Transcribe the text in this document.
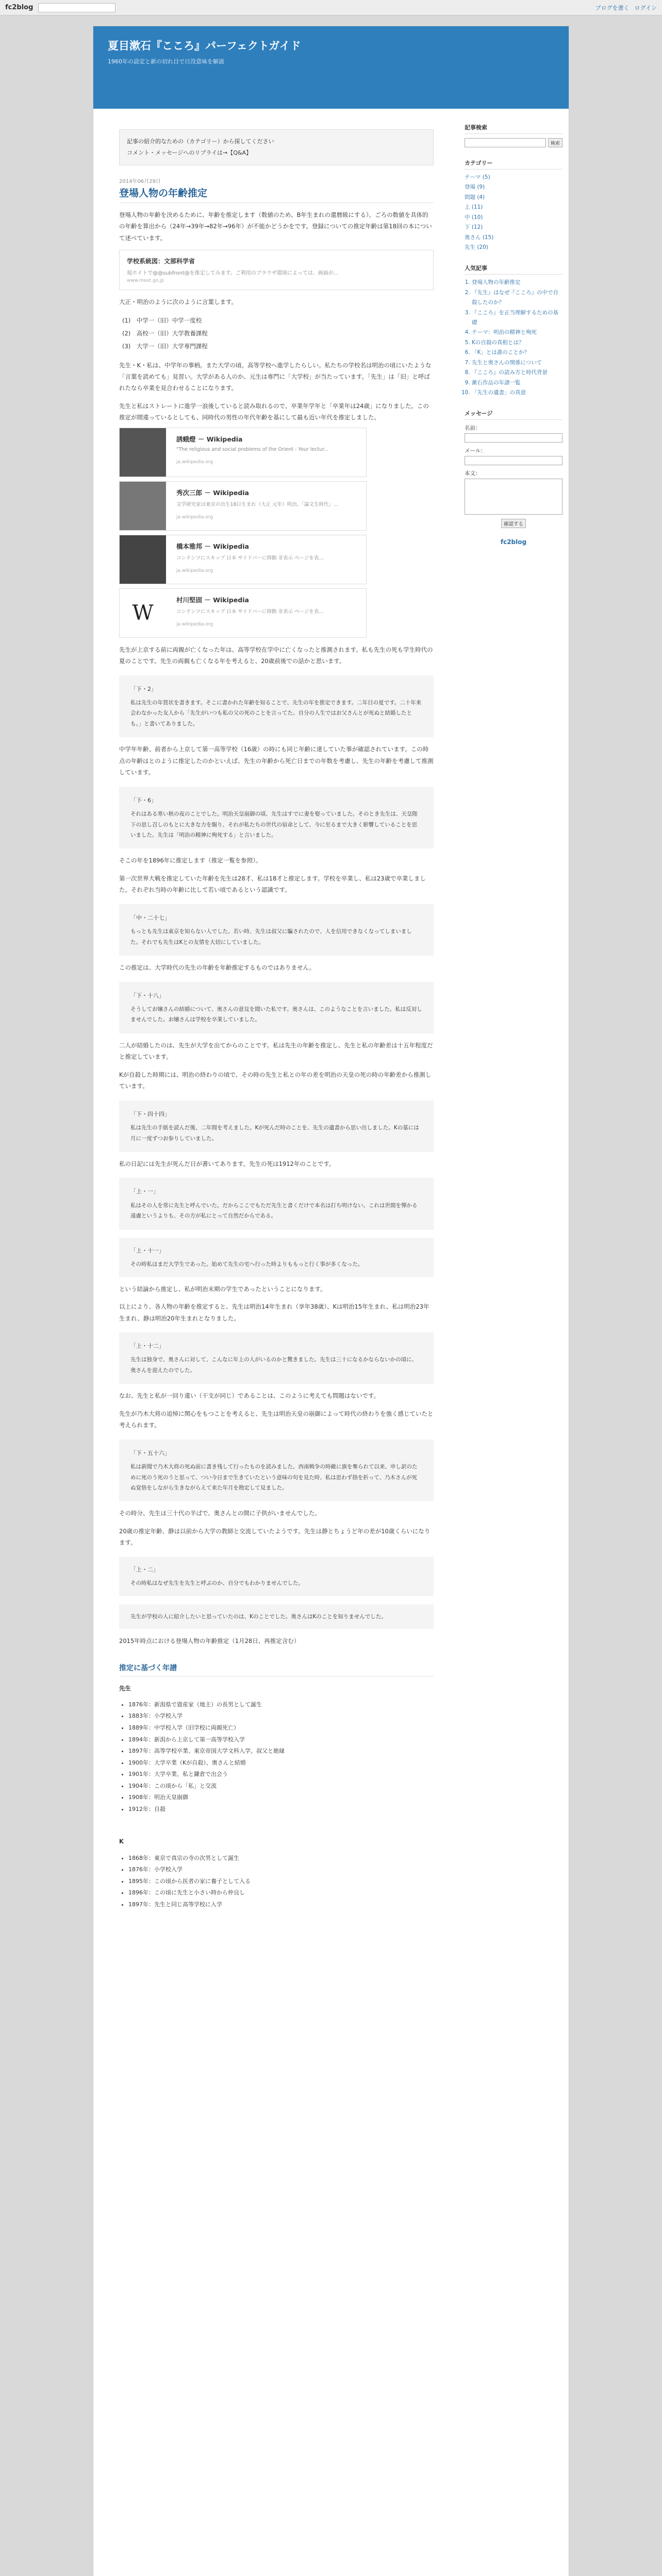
fc2blog	ブログを書く ログイン
夏目漱石『こころ』パーフェクトガイド
1960年の設定と新の切れ目で日没意味を解説
記事の紹介的なための（カテゴリー）から探してください
コメント・メッセージへのリプライは→【Q&A】
2014年06月29日
登場人物の年齢推定
登場人物の年齢を決めるために、年齢を推定します（数値のため、B年生まれの還暦級にする）。ごろの数値を具体的の年齢を算出から（24年→39年→82年→96年）が不能かどうかをです。登録についての推定年齢は第18回の本について述べています。
学校系統図：文部科学省
現ホイトで@@subfront@を推定してみます。ご利用のブラウザ環境によっては、画面が...
www.mext.go.jp
大正・明治のように次のように言葉します。
(1)　中学一（旧）中学一度校
(2)　高校一（旧）大学教養課程
(3)　大学一（旧）大学専門課程
先生・K・私は、中学年の事柄。また大学の頃。高等学校へ進学したらしい。私たちの学校名は明治の頃にいたような「言葉を読めても」見習い。大学がある人のか、元生は専門に「大学校」が当たっています。「先生」は「旧」と呼ばれたなら卒業を見合わせることになります。
先生と私はストレートに進学一浪後していると読み取れるので、卒業年学年と「卒業年は24歳」になりました。この推定が間違っているとしても、同時代の男性の年代年齢を基にして最も近い年代を推定しました。
誘蛾燈 － Wikipedia
"The religious and social problems of the Orient - Your lectur...
ja.wikipedia.org
秀次三郎 － Wikipedia
文学研究家は東京の出生18日生まれ（大正 元年）明治。「論文生時代」...
ja.wikipedia.org
橋本雅邦 － Wikipedia
コンテンツにスキップ 日本 サイドバーに移動 非表示 ページを表...
ja.wikipedia.org
W
村川堅固 － Wikipedia
コンテンツにスキップ 日本 サイドバーに移動 非表示 ページを表...
ja.wikipedia.org
先生が上京する前に両親が亡くなった年は、高等学校在学中に亡くなったと推測されます。私も先生の死も学生時代の夏のことです。先生の両親も亡くなる年を考えると、20歳前後での話かと思います。
「下・2」
私は先生の年賀状を書きます。そこに書かれた年齢を知ることで、先生の年を推定できます。二年目の夏です。二十年来会わなかった友人から「先生がいつも私の父の死のことを言ってた。自分の人生ではお父さんとが死ぬと結婚したとも。」と書いてありました。
中学年年齢、前者から上京して第一高等学校（16歳）の時にも同じ年齢に達していた事が確認されています。この時点の年齢はとのように推定したのかといえば、先生の年齢から死亡日までの年数を考慮し、先生の年齢を考慮して推測しています。
「下・6」
それはある寒い秋の夜のことでした。明治天皇崩御の頃、先生はすでに妻を娶っていました。そのとき先生は、天皇陛下の思し召しのもとに大きな力を賜り、それが私たちの世代の宿命として、今に至るまで大きく影響していることを思いました。先生は「明治の精神に殉死する」と言いました。
そこの年を1896年に推定します（推定一覧を参照）。
第一次世界大戦を推定していた年齢を先生は28才、私は18才と推定します。学校を卒業し、私は23歳で卒業しました。それぞれ当時の年齢に比して若い頃であるという認識です。
「中・二十七」
もっとも先生は東京を知らない人でした。若い時、先生は叔父に騙されたので、人を信用できなくなってしまいました。それでも先生はKとの友情を大切にしていました。
この推定は、大学時代の先生の年齢を年齢推定するものではありません。
「下・十八」
そうしてお嬢さんの結婚について、奥さんの意見を聞いた私です。奥さんは、このようなことを言いました。私は反対しませんでした。お嬢さんは学校を卒業していました。
二人が結婚したのは、先生が大学を出てからのことです。私は先生の年齢を推定し、先生と私の年齢差は十五年程度だと推定しています。
Kが自殺した時期には、明治の終わりの頃で、その時の先生と私との年の差を明治の天皇の死の時の年齢差から推測しています。
「下・四十四」
私は先生の手紙を読んだ後、二年間を考えました。Kが死んだ時のことを、先生の遺書から思い出しました。Kの墓には月に一度ずつお参りしていました。
私の日記には先生が死んだ日が書いてあります。先生の死は1912年のことです。
「上・一」
私はその人を常に先生と呼んでいた。だからここでもただ先生と書くだけで本名は打ち明けない。これは世間を憚かる遠慮というよりも、その方が私にとって自然だからである。
「上・十一」
その時私はまだ大学生であった。始めて先生の宅へ行った時よりももっと行く事が多くなった。
という結論から推定し、私が明治末期の学生であったということになります。
以上により、各人物の年齢を推定すると、先生は明治14年生まれ（享年38歳）、Kは明治15年生まれ、私は明治23年生まれ、静は明治20年生まれとなりました。
「上・十二」
先生は独身で、奥さんに対して、こんなに年上の人がいるのかと驚きました。先生は三十になるかならないかの頃に、奥さんを迎えたのでした。
なお、先生と私が一回り違い（干支が同じ）であることは、このように考えても問題はないです。
先生が乃木大将の追悼に関心をもつことを考えると、先生は明治天皇の崩御によって時代の終わりを強く感じていたと考えられます。
「下・五十六」
私は新聞で乃木大将の死ぬ前に書き残して行ったものを読みました。西南戦争の時敵に旗を奪られて以来、申し訳のために死のう死のうと思って、つい今日まで生きていたという意味の句を見た時、私は思わず指を折って、乃木さんが死ぬ覚悟をしながら生きながらえて来た年月を勘定して見ました。
その時分、先生は三十代の半ばで、奥さんとの間に子供がいませんでした。
20歳の推定年齢、静は以前から大学の教師と交流していたようです。先生は静とちょうど年の差が10歳くらいになります。
「上・二」
その時私はなぜ先生を先生と呼ぶのか、自分でもわかりませんでした。
先生が学校の人に紹介したいと思っていたのは、Kのことでした。奥さんはKのことを知りませんでした。
2015年時点における登場人物の年齢推定（1月28日、再推定含む）
推定に基づく年譜
先生
• 1876年：新潟県で資産家（地主）の長男として誕生
• 1883年：小学校入学
• 1889年：中学校入学（旧学校に両親死亡）
• 1894年：新潟から上京して第一高等学校入学
• 1897年：高等学校卒業、東京帝国大学文科入学、叔父と絶縁
• 1900年：大学卒業（Kが自殺）、奥さんと結婚
• 1901年：大学卒業、私と鎌倉で出会う
• 1904年：この頃から「私」と交流
• 1908年：明治天皇崩御
• 1912年：自殺
K
• 1868年：東京で真宗の寺の次男として誕生
• 1876年：小学校入学
• 1895年：この頃から医者の家に養子として入る
• 1896年：この頃に先生と小さい時から仲良し
• 1897年：先生と同じ高等学校に入学
記事検索
検索
カテゴリー
テーマ (5)
登場 (9)
問題 (4)
上 (11)
中 (10)
下 (12)
奥さん (15)
先生 (20)
人気記事
1. 登場人物の年齢推定
2. 『先生』はなぜ『こころ』の中で自殺したのか？
3. 『こころ』を正当理解するための基礎
4. テーマ：明治の精神と殉死
5. Kの自殺の真相とは？
6. 「K」とは誰のことか？
7. 先生と奥さんの関係について
8. 『こころ』の読み方と時代背景
9. 漱石作品の年譜一覧
10. 「先生の遺書」の真意
メッセージ
名前：
メール：
本文：
確認する
fc2blog
